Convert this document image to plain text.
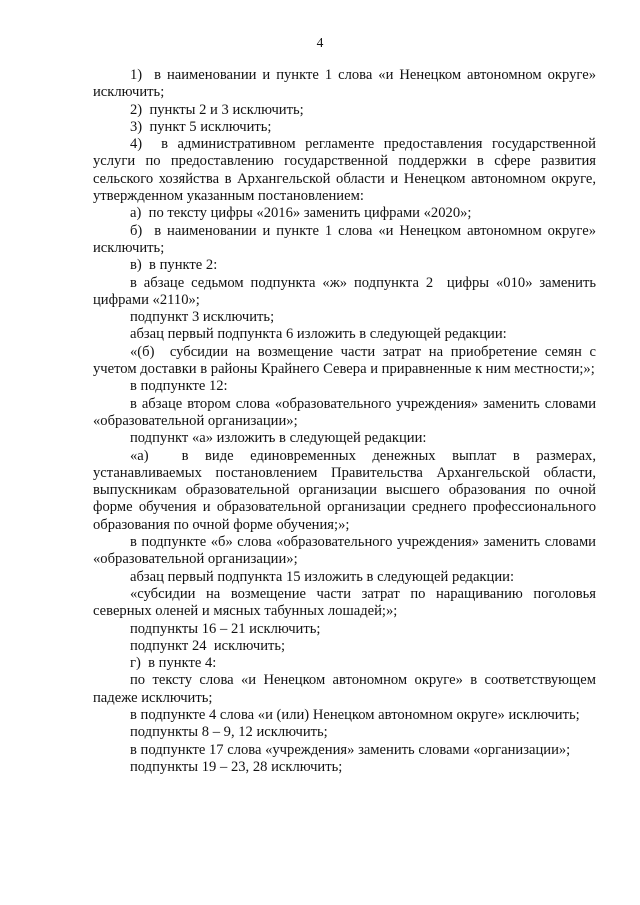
4

1)  в наименовании и пункте 1 слова «и Ненецком автономном округе» исключить;

2)  пункты 2 и 3 исключить;

3)  пункт 5 исключить;

4)  в административном регламенте предоставления государственной услуги по предоставлению государственной поддержки в сфере развития сельского хозяйства в Архангельской области и Ненецком автономном округе, утвержденном указанным постановлением:

а)  по тексту цифры «2016» заменить цифрами «2020»;

б)  в наименовании и пункте 1 слова «и Ненецком автономном округе» исключить;

в)  в пункте 2:

в абзаце седьмом подпункта «ж» подпункта 2  цифры «010» заменить цифрами «2110»;

подпункт 3 исключить;

абзац первый подпункта 6 изложить в следующей редакции:

«(б)  субсидии на возмещение части затрат на приобретение семян с учетом доставки в районы Крайнего Севера и приравненные к ним местности;»;

в подпункте 12:

в абзаце втором слова «образовательного учреждения» заменить словами «образовательной организации»;

подпункт «а» изложить в следующей редакции:

«а)  в виде единовременных денежных выплат в размерах, устанавливаемых постановлением Правительства Архангельской области, выпускникам образовательной организации высшего образования по очной форме обучения и образовательной организации среднего профессионального образования по очной форме обучения;»;

в подпункте «б» слова «образовательного учреждения» заменить словами «образовательной организации»;

абзац первый подпункта 15 изложить в следующей редакции:

«субсидии на возмещение части затрат по наращиванию поголовья северных оленей и мясных табунных лошадей;»;

подпункты 16 – 21 исключить;

подпункт 24  исключить;

г)  в пункте 4:

по тексту слова «и Ненецком автономном округе» в соответствующем падеже исключить;

в подпункте 4 слова «и (или) Ненецком автономном округе» исключить;

подпункты 8 – 9, 12 исключить;

в подпункте 17 слова «учреждения» заменить словами «организации»;

подпункты 19 – 23, 28 исключить;
